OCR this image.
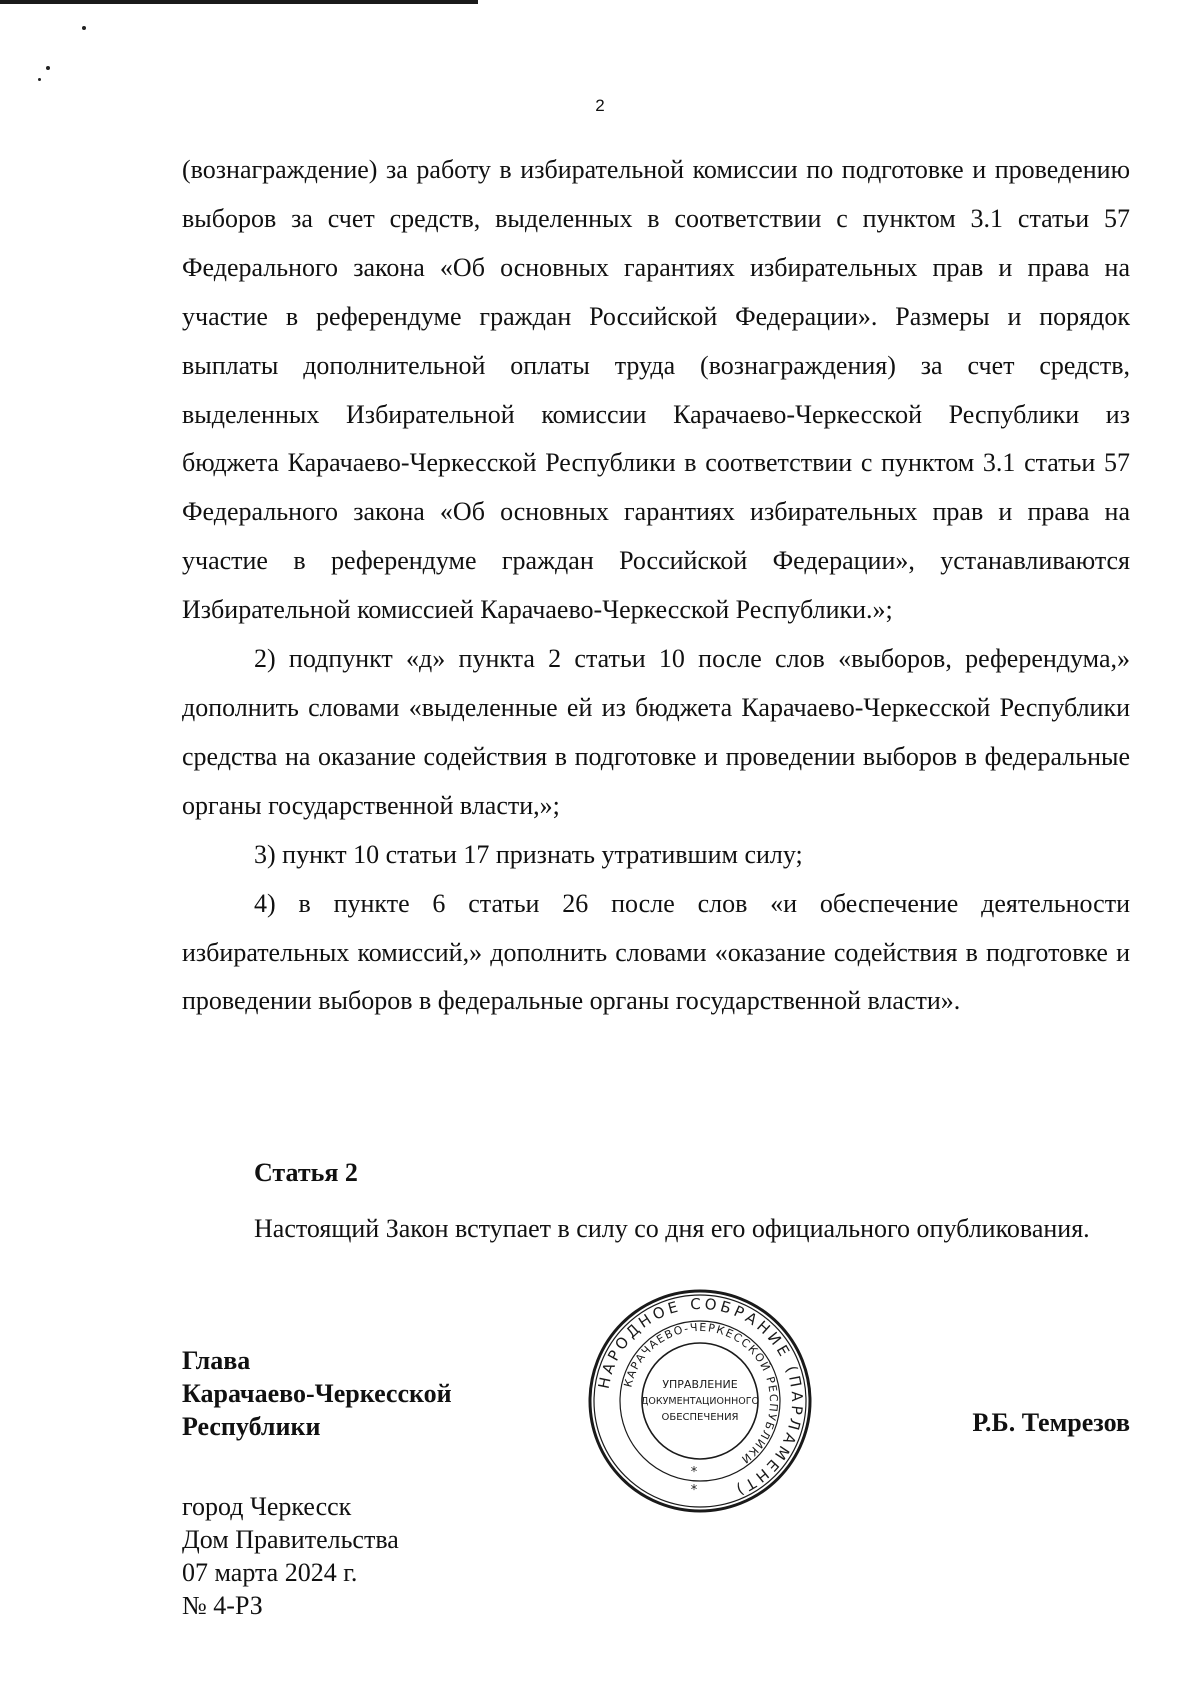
2

(вознаграждение) за работу в избирательной комиссии по подготовке и проведению выборов за счет средств, выделенных в соответствии с пунктом 3.1 статьи 57 Федерального закона «Об основных гарантиях избирательных прав и права на участие в референдуме граждан Российской Федерации». Размеры и порядок выплаты дополнительной оплаты труда (вознаграждения) за счет средств, выделенных Избирательной комиссии Карачаево-Черкесской Республики из бюджета Карачаево-Черкесской Республики в соответствии с пунктом 3.1 статьи 57 Федерального закона «Об основных гарантиях избирательных прав и права на участие в референдуме граждан Российской Федерации», устанавливаются Избирательной комиссией Карачаево-Черкесской Республики.»;

2) подпункт «д» пункта 2 статьи 10 после слов «выборов, референдума,» дополнить словами «выделенные ей из бюджета Карачаево-Черкесской Республики средства на оказание содействия в подготовке и проведении выборов в федеральные органы государственной власти,»;

3) пункт 10 статьи 17 признать утратившим силу;

4) в пункте 6 статьи 26 после слов «и обеспечение деятельности избирательных комиссий,» дополнить словами «оказание содействия в подготовке и проведении выборов в федеральные органы государственной власти».

Статья 2

Настоящий Закон вступает в силу со дня его официального опубликования.

Глава
Карачаево-Черкесской
Республики	Р.Б. Темрезов
НАРОДНОЕ СОБРАНИЕ (ПАРЛАМЕНТ)
КАРАЧАЕВО-ЧЕРКЕССКОЙ РЕСПУБЛИКИ
УПРАВЛЕНИЕ
ДОКУМЕНТАЦИОННОГО
ОБЕСПЕЧЕНИЯ
*
*
город Черкесск
Дом Правительства
07 марта 2024 г.
№ 4-РЗ
